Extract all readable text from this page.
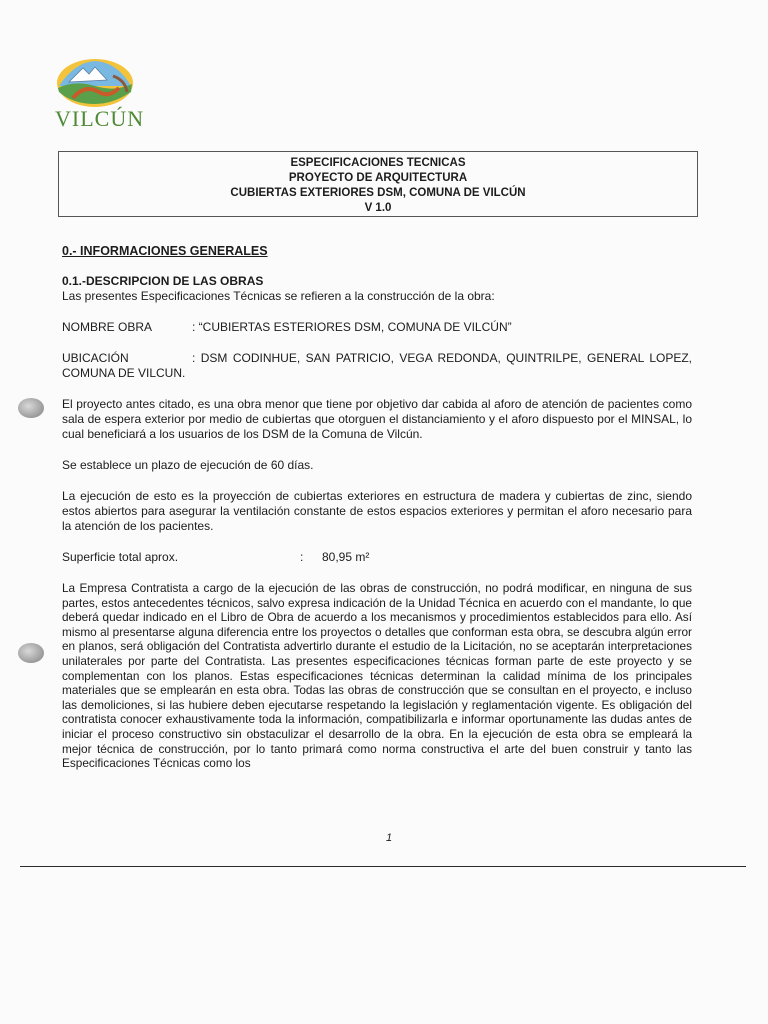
VILCÚN
ESPECIFICACIONES TECNICAS
PROYECTO DE ARQUITECTURA
CUBIERTAS EXTERIORES DSM, COMUNA DE VILCÚN
V 1.0

0.- INFORMACIONES GENERALES

0.1.-DESCRIPCION DE LAS OBRAS

Las presentes Especificaciones Técnicas se refieren a la construcción de la obra:

NOMBRE OBRA	: “CUBIERTAS ESTERIORES DSM, COMUNA DE VILCÚN”
UBICACIÓN	: DSM CODINHUE, SAN PATRICIO, VEGA REDONDA, QUINTRILPE, GENERAL LOPEZ,
COMUNA DE VILCUN.

El proyecto antes citado, es una obra menor que tiene por objetivo dar cabida al aforo de atención de pacientes como sala de espera exterior por medio de cubiertas que otorguen el distanciamiento y el aforo dispuesto por el MINSAL, lo cual beneficiará a los usuarios de los DSM de la Comuna de Vilcún.

Se establece un plazo de ejecución de 60 días.

La ejecución de esto es la proyección de cubiertas exteriores en estructura de madera y cubiertas de zinc, siendo estos abiertos para asegurar la ventilación constante de estos espacios exteriores y permitan el aforo necesario para la atención de los pacientes.

Superficie total aprox.	:	80,95 m²

La Empresa Contratista a cargo de la ejecución de las obras de construcción, no podrá modificar, en ninguna de sus partes, estos antecedentes técnicos, salvo expresa indicación de la Unidad Técnica en acuerdo con el mandante, lo que deberá quedar indicado en el Libro de Obra de acuerdo a los mecanismos y procedimientos establecidos para ello. Así mismo al presentarse alguna diferencia entre los proyectos o detalles que conforman esta obra, se descubra algún error en planos, será obligación del Contratista advertirlo durante el estudio de la Licitación, no se aceptarán interpretaciones unilaterales por parte del Contratista. Las presentes especificaciones técnicas forman parte de este proyecto y se complementan con los planos. Estas especificaciones técnicas determinan la calidad mínima de los principales materiales que se emplearán en esta obra. Todas las obras de construcción que se consultan en el proyecto, e incluso las demoliciones, si las hubiere deben ejecutarse respetando la legislación y reglamentación vigente. Es obligación del contratista conocer exhaustivamente toda la información, compatibilizarla e informar oportunamente las dudas antes de iniciar el proceso constructivo sin obstaculizar el desarrollo de la obra. En la ejecución de esta obra se empleará la mejor técnica de construcción, por lo tanto primará como norma constructiva el arte del buen construir y tanto las Especificaciones Técnicas como los

1
